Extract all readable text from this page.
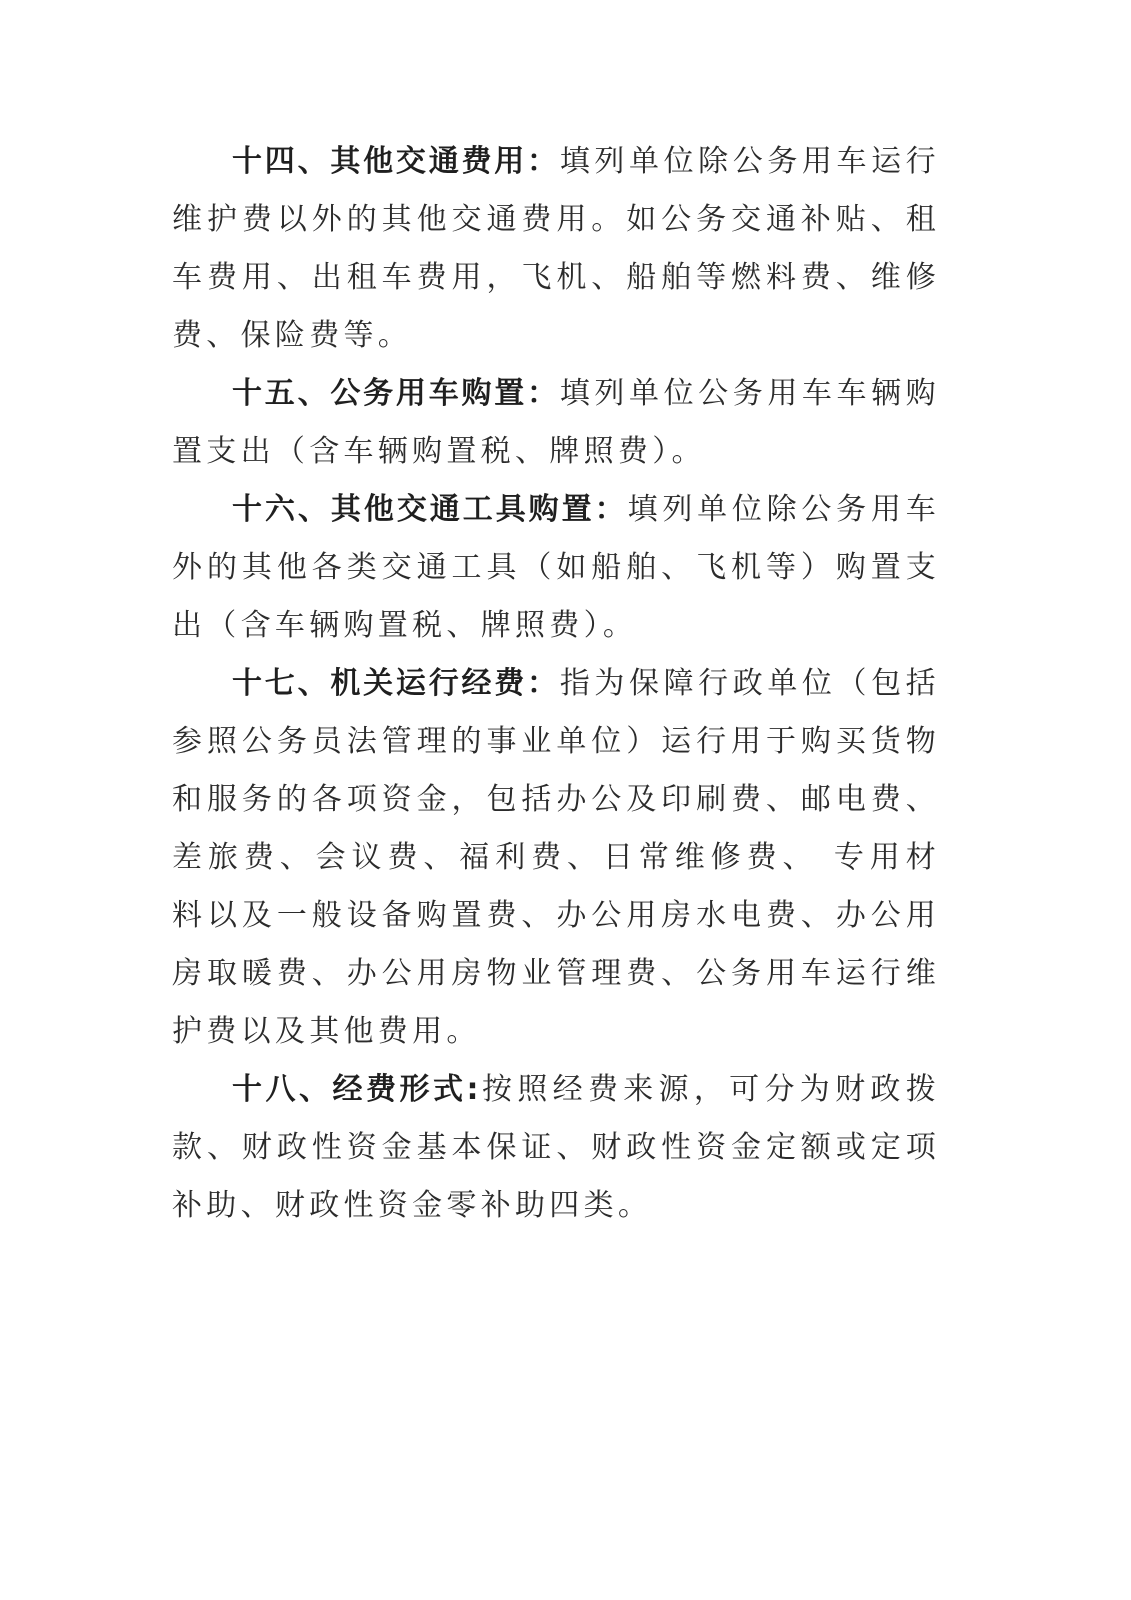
十四、其他交通费用：填列单位除公务用车运行维护费以外的其他交通费用。如公务交通补贴、租车费用、出租车费用，飞机、船舶等燃料费、维修费、保险费等。

十五、公务用车购置：填列单位公务用车车辆购置支出（含车辆购置税、牌照费）。

十六、其他交通工具购置：填列单位除公务用车外的其他各类交通工具（如船舶、飞机等）购置支出（含车辆购置税、牌照费）。

十七、机关运行经费：指为保障行政单位（包括参照公务员法管理的事业单位）运行用于购买货物和服务的各项资金，包括办公及印刷费、邮电费、差旅费、会议费、福利费、日常维修费、 专用材料以及一般设备购置费、办公用房水电费、办公用房取暖费、办公用房物业管理费、公务用车运行维护费以及其他费用。

十八、经费形式:按照经费来源，可分为财政拨款、财政性资金基本保证、财政性资金定额或定项补助、财政性资金零补助四类。
